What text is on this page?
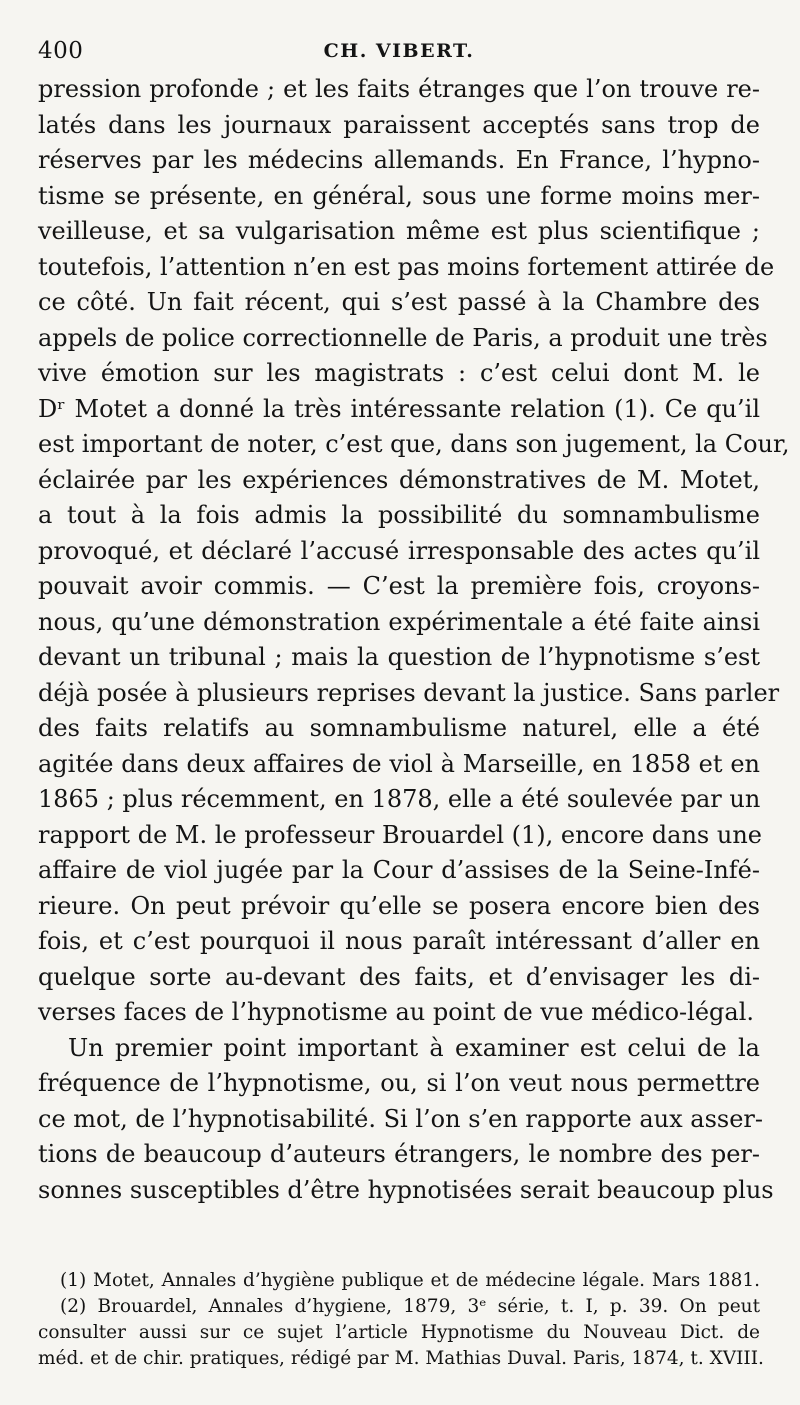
400	CH. VIBERT.
pression profonde ; et les faits étranges que l’on trouve re-
latés dans les journaux paraissent acceptés sans trop de
réserves par les médecins allemands. En France, l’hypno-
tisme se présente, en général, sous une forme moins mer-
veilleuse, et sa vulgarisation même est plus scientifique ;
toutefois, l’attention n’en est pas moins fortement attirée de
ce côté. Un fait récent, qui s’est passé à la Chambre des
appels de police correctionnelle de Paris, a produit une très
vive émotion sur les magistrats : c’est celui dont M. le
Dʳ Motet a donné la très intéressante relation (1). Ce qu’il
est important de noter, c’est que, dans son jugement, la Cour,
éclairée par les expériences démonstratives de M. Motet,
a tout à la fois admis la possibilité du somnambulisme
provoqué, et déclaré l’accusé irresponsable des actes qu’il
pouvait avoir commis. — C’est la première fois, croyons-
nous, qu’une démonstration expérimentale a été faite ainsi
devant un tribunal ; mais la question de l’hypnotisme s’est
déjà posée à plusieurs reprises devant la justice. Sans parler
des faits relatifs au somnambulisme naturel, elle a été
agitée dans deux affaires de viol à Marseille, en 1858 et en
1865 ; plus récemment, en 1878, elle a été soulevée par un
rapport de M. le professeur Brouardel (1), encore dans une
affaire de viol jugée par la Cour d’assises de la Seine-Infé-
rieure. On peut prévoir qu’elle se posera encore bien des
fois, et c’est pourquoi il nous paraît intéressant d’aller en
quelque sorte au-devant des faits, et d’envisager les di-
verses faces de l’hypnotisme au point de vue médico-légal.
Un premier point important à examiner est celui de la
fréquence de l’hypnotisme, ou, si l’on veut nous permettre
ce mot, de l’hypnotisabilité. Si l’on s’en rapporte aux asser-
tions de beaucoup d’auteurs étrangers, le nombre des per-
sonnes susceptibles d’être hypnotisées serait beaucoup plus
(1) Motet, Annales d’hygiène publique et de médecine légale. Mars 1881.
(2) Brouardel, Annales d’hygiene, 1879, 3ᵉ série, t. I, p. 39. On peut
consulter aussi sur ce sujet l’article Hypnotisme du Nouveau Dict. de
méd. et de chir. pratiques, rédigé par M. Mathias Duval. Paris, 1874, t. XVIII.
